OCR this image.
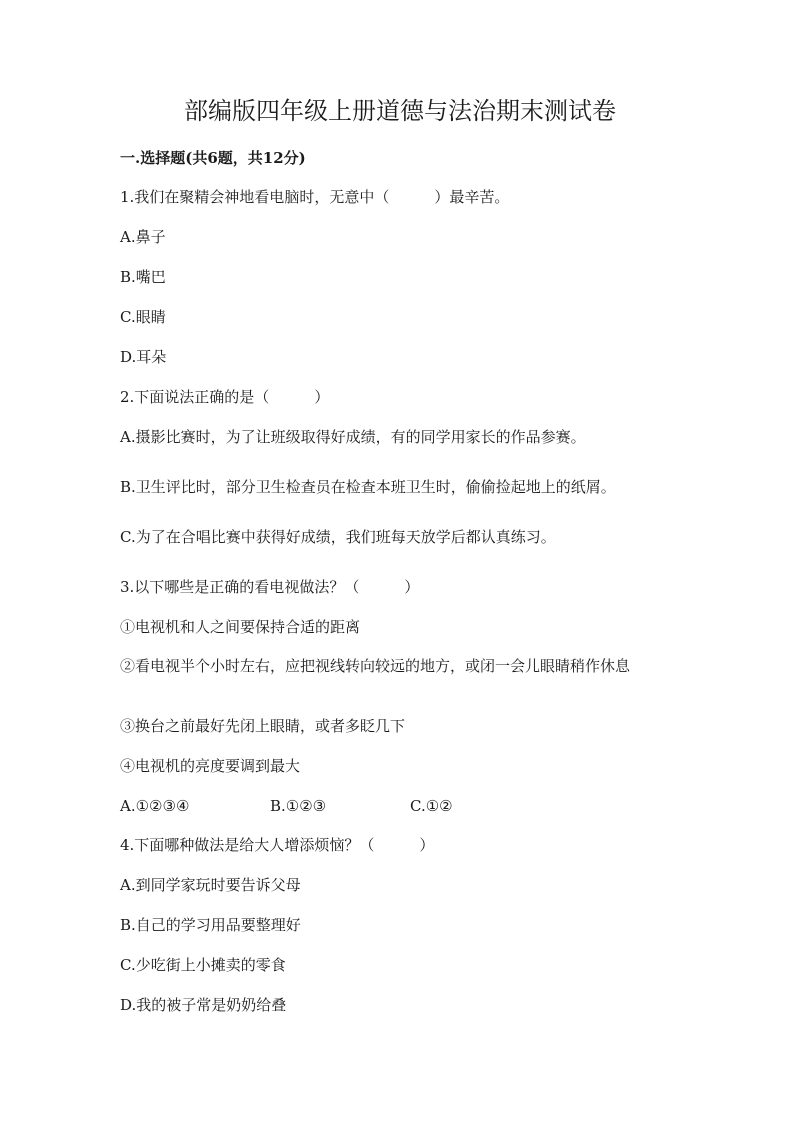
部编版四年级上册道德与法治期末测试卷

一.选择题(共6题，共12分)

1.我们在聚精会神地看电脑时，无意中（　　　）最辛苦。

A.鼻子

B.嘴巴

C.眼睛

D.耳朵

2.下面说法正确的是（　　　）

A.摄影比赛时，为了让班级取得好成绩，有的同学用家长的作品参赛。

B.卫生评比时，部分卫生检查员在检查本班卫生时，偷偷捡起地上的纸屑。

C.为了在合唱比赛中获得好成绩，我们班每天放学后都认真练习。

3.以下哪些是正确的看电视做法？（　　　）

①电视机和人之间要保持合适的距离

②看电视半个小时左右，应把视线转向较远的地方，或闭一会儿眼睛稍作休息

③换台之前最好先闭上眼睛，或者多眨几下

④电视机的亮度要调到最大

A.①②③④	B.①②③	C.①②

4.下面哪种做法是给大人增添烦恼？（　　　）

A.到同学家玩时要告诉父母

B.自己的学习用品要整理好

C.少吃街上小摊卖的零食

D.我的被子常是奶奶给叠
